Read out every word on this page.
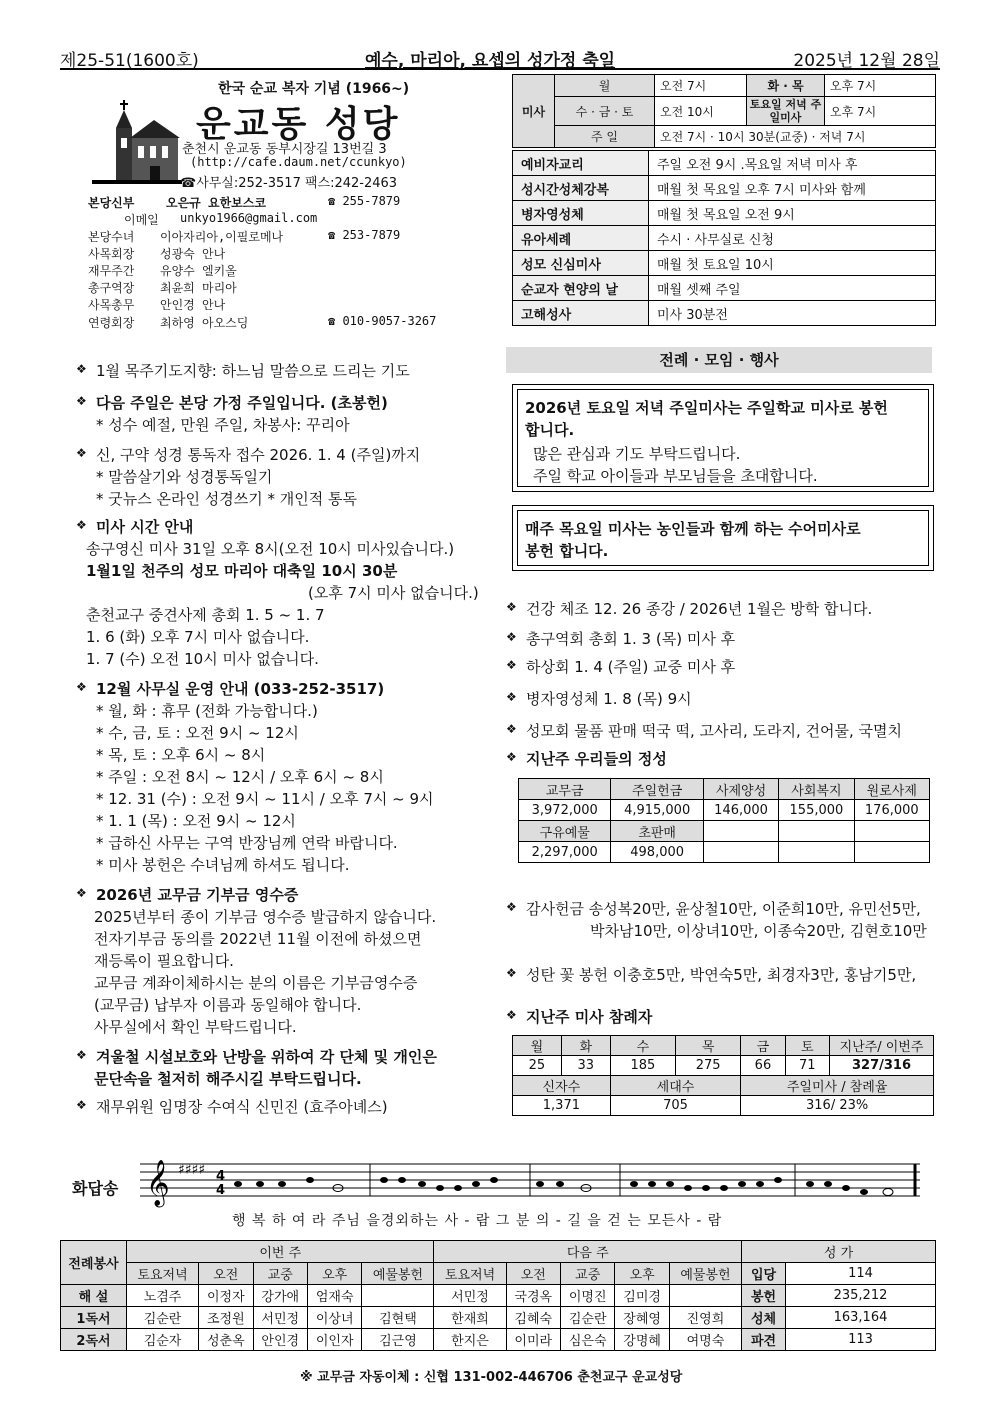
제25-51(1600호)	예수, 마리아, 요셉의 성가정 축일	2025년 12월 28일
한국 순교 복자 기념 (1966~)
운교동 성당
춘천시 운교동 동부시장길 13번길 3
(http://cafe.daum.net/ccunkyo)
☎사무실:252-3517 팩스:242-2463
본당신부	오은규 요한보스코	☎ 255-7879
이메일 unkyo1966@gmail.com
본당수녀 이아자리아,이필로메나	☎ 253-7879
사목회장 성광숙 안나
재무주간 유양수 엘키올
총구역장 최윤희 마리아
사목총무 안인경 안나
연령회장 최하영 아오스딩	☎ 010-9057-3267
미사	월	오전 7시	화 · 목	오후 7시
	수 · 금 · 토	오전 10시	토요일 저녁 주일미사	오후 7시
	주 일	오전 7시 · 10시 30분(교중) · 저녁 7시		
예비자교리	주일 오전 9시 .목요일 저녁 미사 후
성시간성체강복	매월 첫 목요일 오후 7시 미사와 함께
병자영성체	매월 첫 목요일 오전 9시
유아세례	수시 · 사무실로 신청
성모 신심미사	매월 첫 토요일 10시
순교자 현양의 날	매월 셋째 주일
고해성사	미사 30분전
❖ 1월 목주기도지향: 하느님 말씀으로 드리는 기도
❖ 다음 주일은 본당 가정 주일입니다. (초봉헌)
* 성수 예절, 만원 주일, 차봉사: 꾸리아
❖ 신, 구약 성경 통독자 접수 2026. 1. 4 (주일)까지
* 말씀살기와 성경통독일기
* 굿뉴스 온라인 성경쓰기 * 개인적 통독
❖ 미사 시간 안내
송구영신 미사 31일 오후 8시(오전 10시 미사있습니다.)
1월1일 천주의 성모 마리아 대축일 10시 30분
(오후 7시 미사 없습니다.)
춘천교구 중견사제 총회 1. 5 ~ 1. 7
1. 6 (화) 오후 7시 미사 없습니다.
1. 7 (수) 오전 10시 미사 없습니다.
❖ 12월 사무실 운영 안내 (033-252-3517)
* 월, 화 : 휴무 (전화 가능합니다.)
* 수, 금, 토 : 오전 9시 ~ 12시
* 목, 토 : 오후 6시 ~ 8시
* 주일 : 오전 8시 ~ 12시 / 오후 6시 ~ 8시
* 12. 31 (수) : 오전 9시 ~ 11시 / 오후 7시 ~ 9시
* 1. 1 (목) : 오전 9시 ~ 12시
* 급하신 사무는 구역 반장님께 연락 바랍니다.
* 미사 봉헌은 수녀님께 하셔도 됩니다.
❖ 2026년 교무금 기부금 영수증
2025년부터 종이 기부금 영수증 발급하지 않습니다.
전자기부금 동의를 2022년 11월 이전에 하셨으면
재등록이 필요합니다.
교무금 계좌이체하시는 분의 이름은 기부금영수증
(교무금) 납부자 이름과 동일해야 합니다.
사무실에서 확인 부탁드립니다.
❖ 겨울철 시설보호와 난방을 위하여 각 단체 및 개인은
문단속을 철저히 해주시길 부탁드립니다.
❖ 재무위원 임명장 수여식 신민진 (효주아녜스)
전례 · 모임 · 행사
2026년 토요일 저녁 주일미사는 주일학교 미사로 봉헌
합니다.
많은 관심과 기도 부탁드립니다.
주일 학교 아이들과 부모님들을 초대합니다.
매주 목요일 미사는 농인들과 함께 하는 수어미사로
봉헌 합니다.
❖ 건강 체조 12. 26 종강 / 2026년 1월은 방학 합니다.
❖ 총구역회 총회 1. 3 (목) 미사 후
❖ 하상회 1. 4 (주일) 교중 미사 후
❖ 병자영성체 1. 8 (목) 9시
❖ 성모회 물품 판매 떡국 떡, 고사리, 도라지, 건어물, 국멸치
❖ 지난주 우리들의 정성
교무금	주일헌금	사제양성	사회복지	원로사제
3,972,000	4,915,000	146,000	155,000	176,000
구유예물	초판매			
2,297,000	498,000			
❖ 감사헌금 송성복20만, 윤상철10만, 이준희10만, 유민선5만,
박차남10만, 이상녀10만, 이종숙20만, 김현호10만
❖ 성탄 꽃 봉헌 이충호5만, 박연숙5만, 최경자3만, 홍남기5만,
❖ 지난주 미사 참례자
월	화	수	목	금	토	지난주/ 이번주
25	33	185	275	66	71	327/316
신자수		세대수		주일미사 / 참례율		
1,371		705		316/ 23%		
화답송 𝄞 ♯♯♯♯ 4
4
행 복 하 여 라 주님 을경외하는 사 - 람 그 분 의 - 길 을 걷 는 모든사 - 람
전례봉사	이번 주					다음 주					성 가	
	토요저녁	오전	교중	오후	예물봉헌	토요저녁	오전	교중	오후	예물봉헌	입당	114
해 설	노겸주	이정자	강가애	엄재숙		서민정	국경옥	이명진	김미경		봉헌	235,212
1독서	김순란	조정원	서민정	이상녀	김현택	한재희	김혜숙	김순란	장혜영	진영희	성체	163,164
2독서	김순자	성춘옥	안인경	이인자	김근영	한지은	이미라	심은숙	강명혜	여명숙	파견	113
※ 교무금 자동이체 : 신협 131-002-446706 춘천교구 운교성당
